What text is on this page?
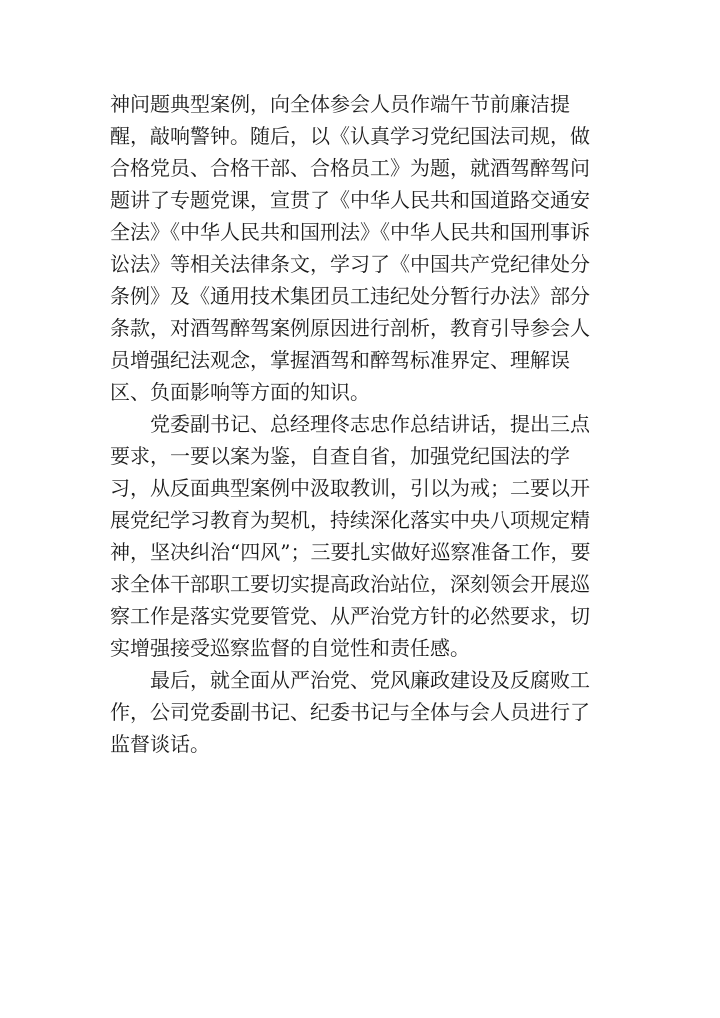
神问题典型案例，向全体参会人员作端午节前廉洁提
醒，敲响警钟。随后，以《认真学习党纪国法司规，做
合格党员、合格干部、合格员工》为题，就酒驾醉驾问
题讲了专题党课，宣贯了《中华人民共和国道路交通安
全法》《中华人民共和国刑法》《中华人民共和国刑事诉
讼法》等相关法律条文，学习了《中国共产党纪律处分
条例》及《通用技术集团员工违纪处分暂行办法》部分
条款，对酒驾醉驾案例原因进行剖析，教育引导参会人
员增强纪法观念，掌握酒驾和醉驾标准界定、理解误
区、负面影响等方面的知识。
党委副书记、总经理佟志忠作总结讲话，提出三点
要求，一要以案为鉴，自查自省，加强党纪国法的学
习，从反面典型案例中汲取教训，引以为戒；二要以开
展党纪学习教育为契机，持续深化落实中央八项规定精
神，坚决纠治“四风”；三要扎实做好巡察准备工作，要
求全体干部职工要切实提高政治站位，深刻领会开展巡
察工作是落实党要管党、从严治党方针的必然要求，切
实增强接受巡察监督的自觉性和责任感。
最后，就全面从严治党、党风廉政建设及反腐败工
作，公司党委副书记、纪委书记与全体与会人员进行了
监督谈话。
